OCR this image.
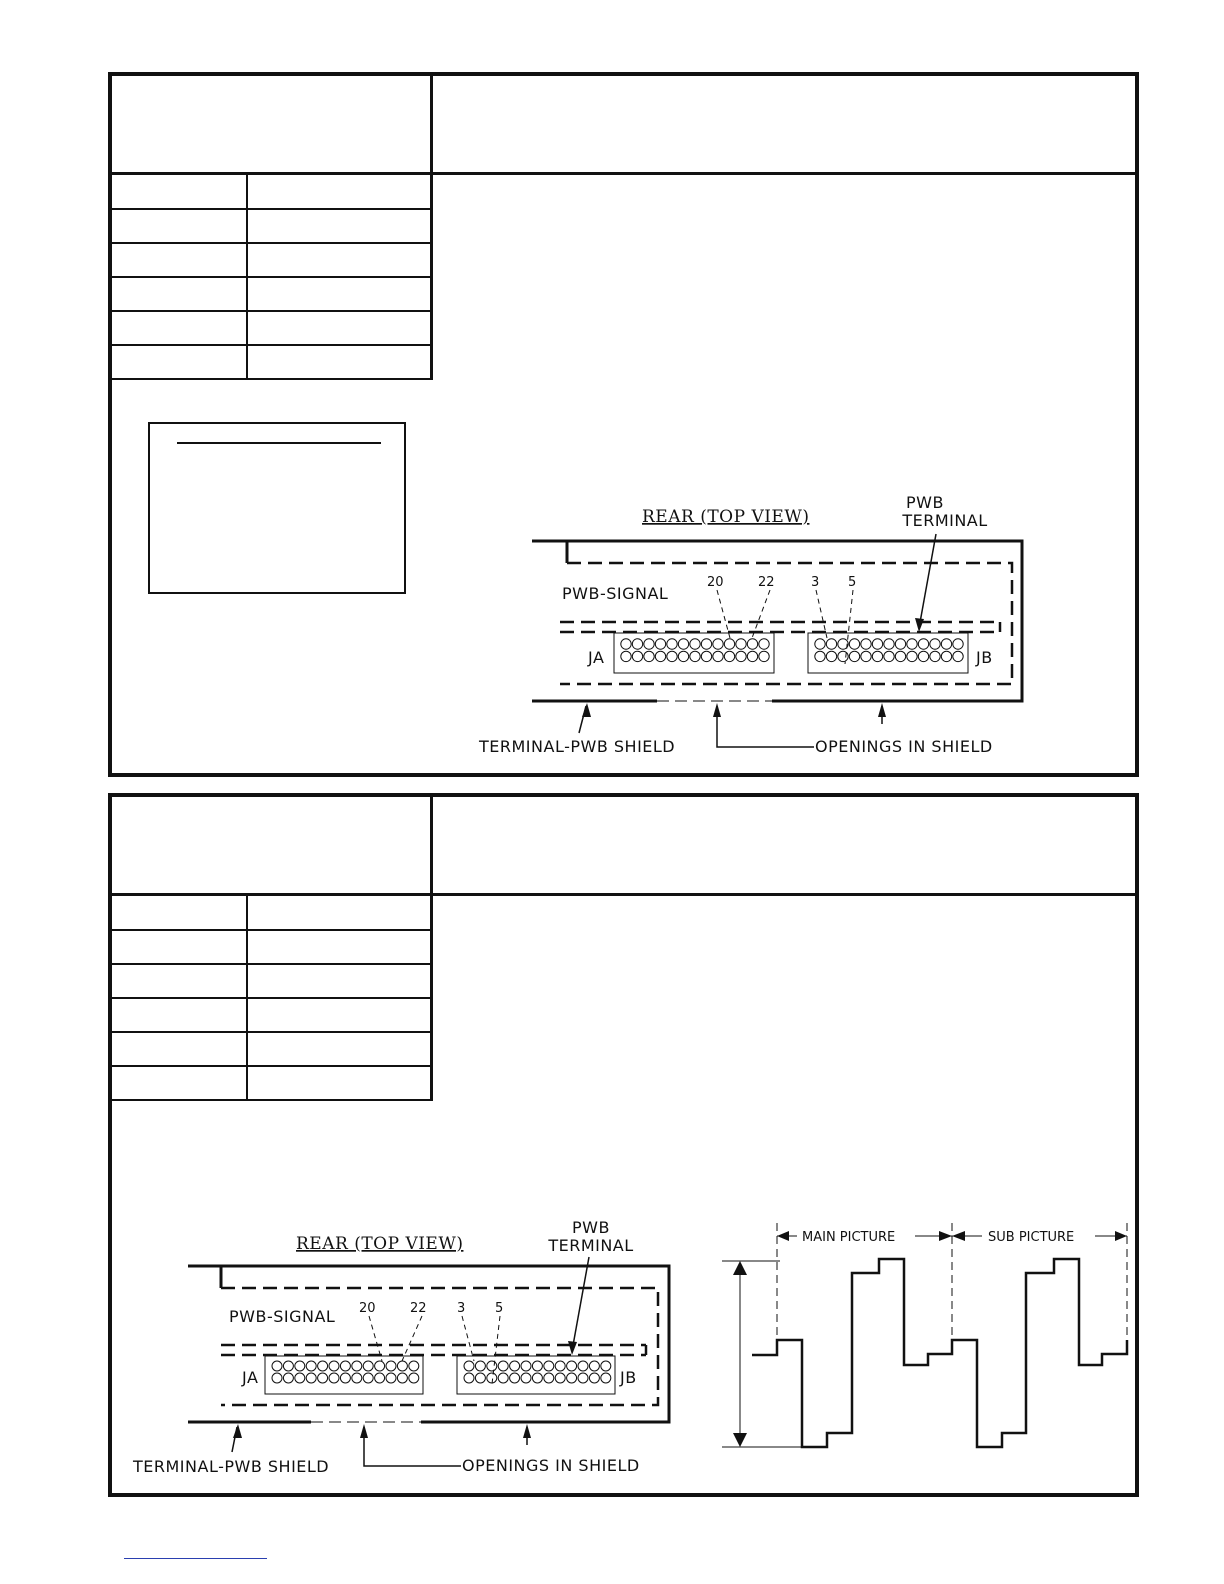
REAR (TOP VIEW)
PWB
TERMINAL
PWB-SIGNAL
20	22	3 5
JA	JB
TERMINAL-PWB SHIELD	OPENINGS IN SHIELD

REAR (TOP VIEW)
PWB
TERMINAL
PWB-SIGNAL 20	22 3 5
JA	JB
TERMINAL-PWB SHIELD	OPENINGS IN SHIELD
MAIN PICTURE	SUB PICTURE
